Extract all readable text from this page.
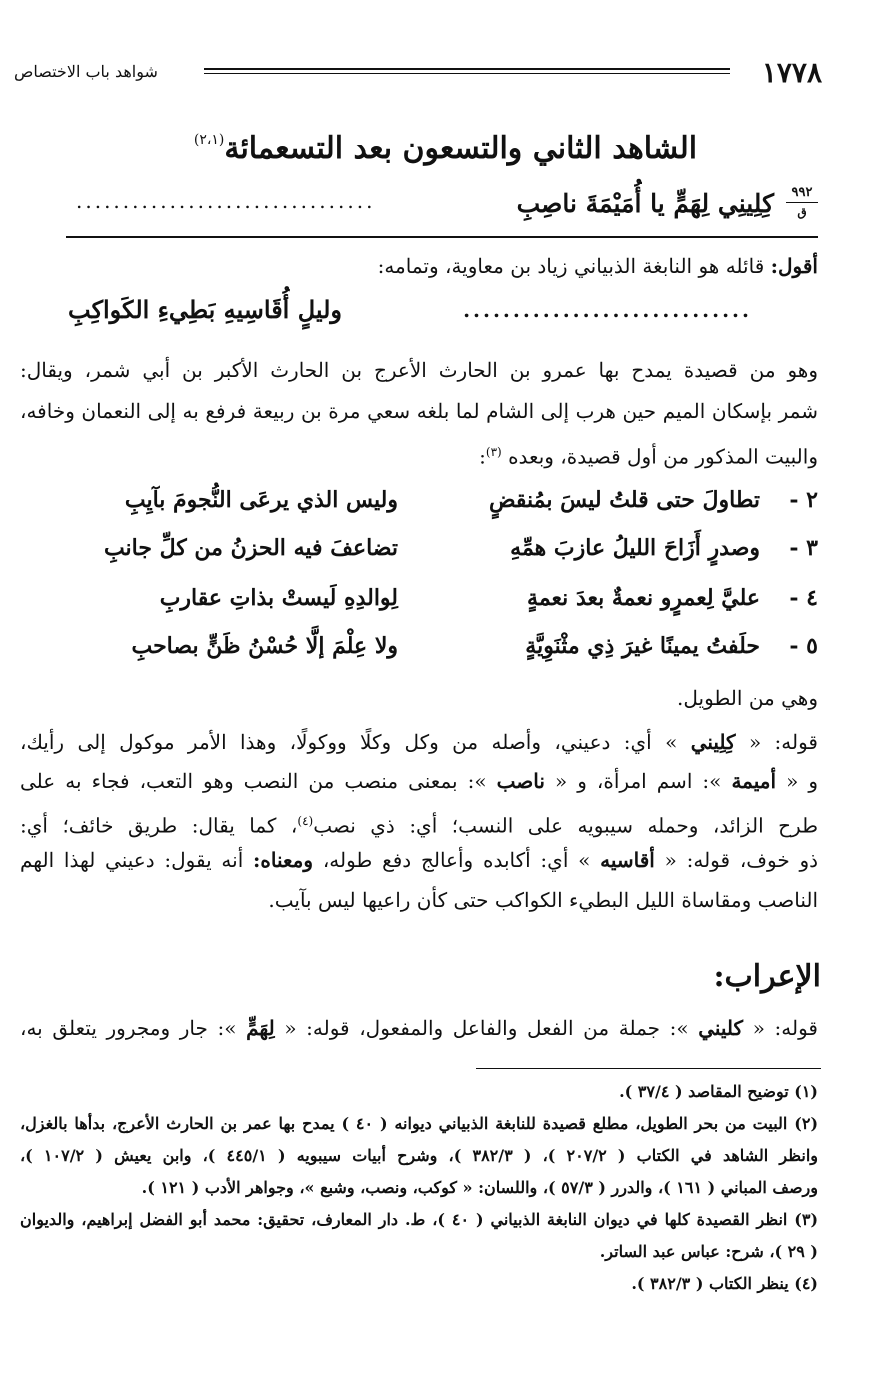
١٧٧٨
شواهد باب الاختصاص
الشاهد الثاني والتسعون بعد التسعمائة$^{(٢،١)}$
٩٩٢
ق
كِلِينِي لِهَمٍّ يا أُمَيْمَةَ ناصِبِ
................................
أقول: قائله هو النابغة الذبياني زياد بن معاوية، وتمامه:
.............................
وليلٍ أُقَاسِيهِ بَطِيءِ الكَواكِبِ
وهو من قصيدة يمدح بها عمرو بن الحارث الأعرج بن الحارث الأكبر بن أبي شمر، ويقال:
شمر بإسكان الميم حين هرب إلى الشام لما بلغه سعي مرة بن ربيعة فرفع به إلى النعمان وخافه،
والبيت المذكور من أول قصيدة، وبعده $^{(٣)}$:
٢ -
تطاولَ حتى قلتُ ليسَ بمُنقضٍ
وليس الذي يرعَى النُّجومَ بآيِبِ
٣ -
وصدرٍ أَزَاحَ الليلُ عازبَ همِّهِ
تضاعفَ فيه الحزنُ من كلِّ جانبِ
٤ -
عليَّ لِعمرٍو نعمةٌ بعدَ نعمةٍ
لِوالدِهِ لَيستْ بذاتِ عقاربِ
٥ -
حلَفتُ يمينًا غيرَ ذِي مثْنَوِيَّةٍ
ولا عِلْمَ إلَّا حُسْنُ ظَنٍّ بصاحبِ
وهي من الطويل.
قوله: « كِلِيني » أي: دعيني، وأصله من وكل وكلًا ووكولًا، وهذا الأمر موكول إلى رأيك،
و « أميمة »: اسم امرأة، و « ناصب »: بمعنى منصب من النصب وهو التعب، فجاء به على
طرح الزائد، وحمله سيبويه على النسب؛ أي: ذي نصب$^{(٤)}$، كما يقال: طريق خائف؛ أي:
ذو خوف، قوله: « أقاسيه » أي: أكابده وأعالج دفع طوله، ومعناه: أنه يقول: دعيني لهذا الهم
الناصب ومقاساة الليل البطيء الكواكب حتى كأن راعيها ليس بآيب.
الإعراب:
قوله: « كليني »: جملة من الفعل والفاعل والمفعول، قوله: « لِهَمٍّ »: جار ومجرور يتعلق به،
(١) توضيح المقاصد ( ٣٧/٤ ).
(٢) البيت من بحر الطويل، مطلع قصيدة للنابغة الذبياني ديوانه ( ٤٠ ) يمدح بها عمر بن الحارث الأعرج، بدأها بالغزل،
وانظر الشاهد في الكتاب ( ٢٠٧/٢ )، ( ٣٨٢/٣ )، وشرح أبيات سيبويه ( ٤٤٥/١ )، وابن يعيش ( ١٠٧/٢ )،
ورصف المباني ( ١٦١ )، والدرر ( ٥٧/٣ )، واللسان: « كوكب، ونصب، وشبع »، وجواهر الأدب ( ١٢١ ).
(٣) انظر القصيدة كلها في ديوان النابغة الذبياني ( ٤٠ )، ط. دار المعارف، تحقيق: محمد أبو الفضل إبراهيم، والديوان
( ٢٩ )، شرح: عباس عبد الساتر.
(٤) ينظر الكتاب ( ٣٨٢/٣ ).
